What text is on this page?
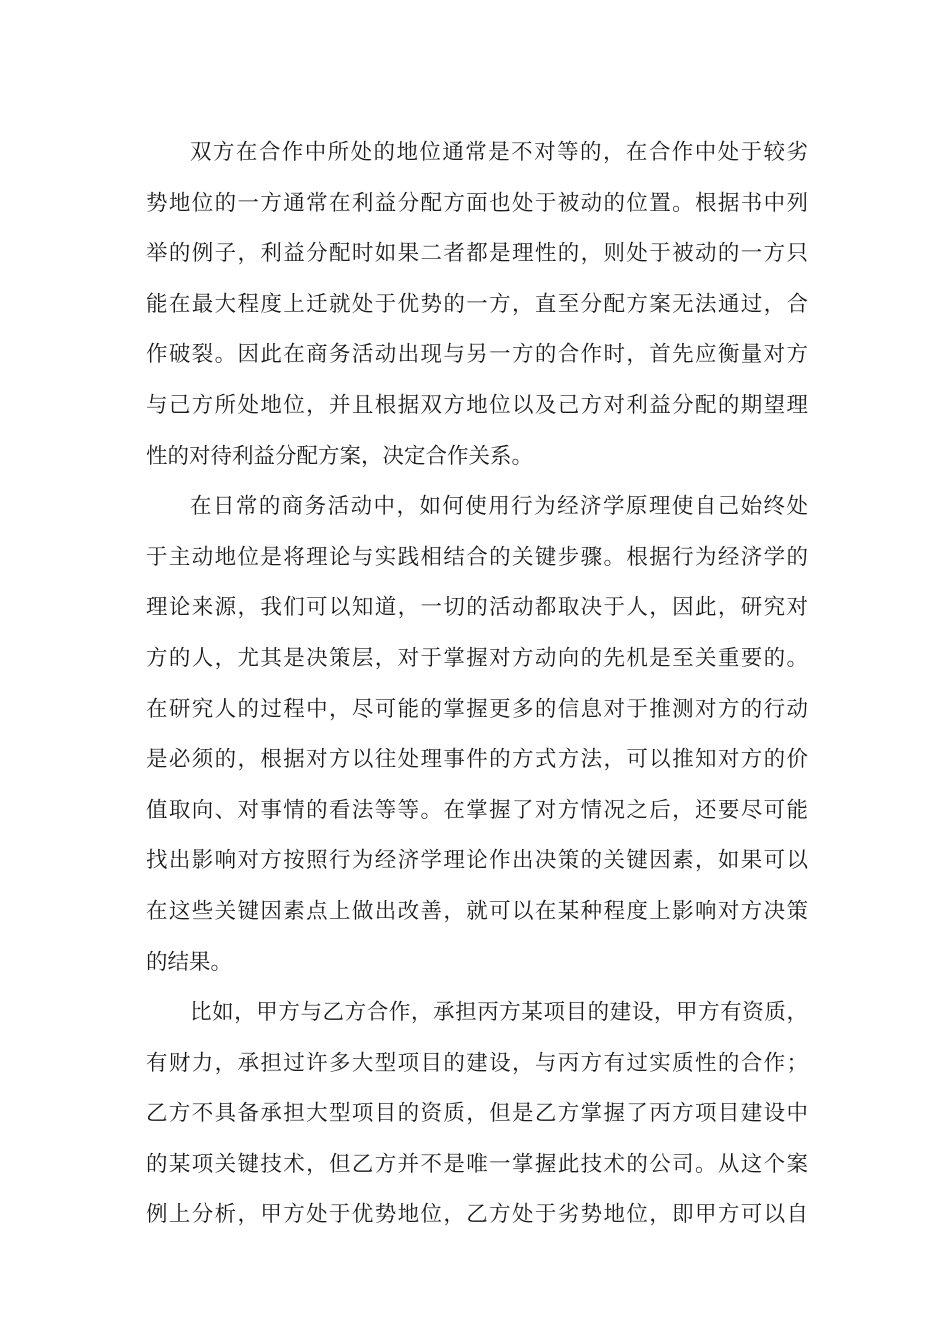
双方在合作中所处的地位通常是不对等的，在合作中处于较劣
势地位的一方通常在利益分配方面也处于被动的位置。根据书中列
举的例子，利益分配时如果二者都是理性的，则处于被动的一方只
能在最大程度上迁就处于优势的一方，直至分配方案无法通过，合
作破裂。因此在商务活动出现与另一方的合作时，首先应衡量对方
与己方所处地位，并且根据双方地位以及己方对利益分配的期望理
性的对待利益分配方案，决定合作关系。
在日常的商务活动中，如何使用行为经济学原理使自己始终处
于主动地位是将理论与实践相结合的关键步骤。根据行为经济学的
理论来源，我们可以知道，一切的活动都取决于人，因此，研究对
方的人，尤其是决策层，对于掌握对方动向的先机是至关重要的。
在研究人的过程中，尽可能的掌握更多的信息对于推测对方的行动
是必须的，根据对方以往处理事件的方式方法，可以推知对方的价
值取向、对事情的看法等等。在掌握了对方情况之后，还要尽可能
找出影响对方按照行为经济学理论作出决策的关键因素，如果可以
在这些关键因素点上做出改善，就可以在某种程度上影响对方决策
的结果。
比如，甲方与乙方合作，承担丙方某项目的建设，甲方有资质，
有财力，承担过许多大型项目的建设，与丙方有过实质性的合作；
乙方不具备承担大型项目的资质，但是乙方掌握了丙方项目建设中
的某项关键技术，但乙方并不是唯一掌握此技术的公司。从这个案
例上分析，甲方处于优势地位，乙方处于劣势地位，即甲方可以自
